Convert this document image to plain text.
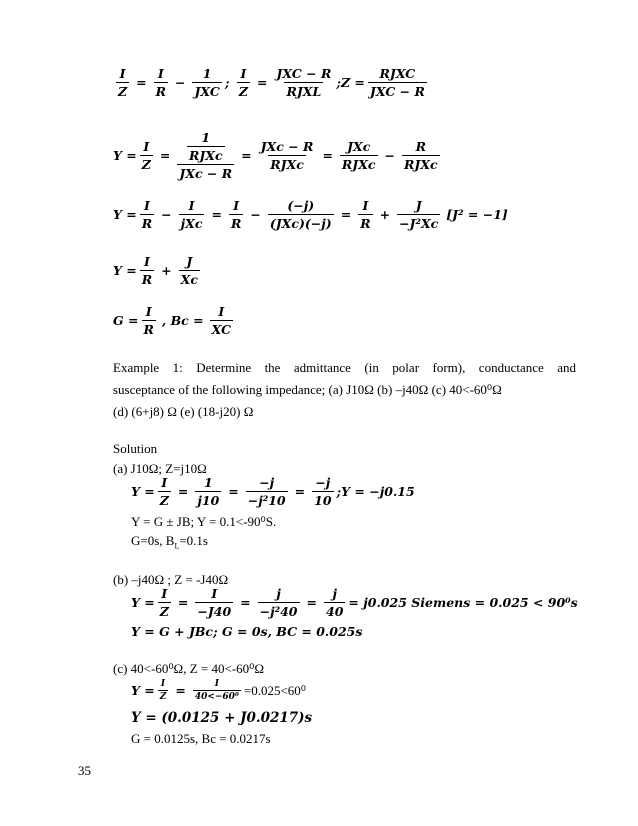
$\frac{I}{Z} = \frac{I}{R} - \frac{1}{\text{JXC}}$ ;
$\frac{I}{Z} = \frac{\text{JXC − R}}{\text{RJXL}}$ ;Z = $\frac{\text{RJXC}}{\text{JXC − R}}$
$Y = \frac{I}{Z} = \frac{\frac{1}{\text{RJXc}}}{\text{JXc − R}} = \frac{\text{JXc − R}}{\text{RJXc}} = \frac{\text{JXc}}{\text{RJXc}} - \frac{R}{\text{RJXc}}$
$Y = \frac{I}{R} - \frac{I}{\text{jXc}} = \frac{I}{R} - \frac{(-j)}{\text{(JXc)(−j)}} = \frac{I}{R} + \frac{J}{\text{−J²Xc}} [J^2 = -1]$
$Y = \frac{I}{R} + \frac{J}{Xc}$
$G = \frac{I}{R}$ , $Bc = \frac{I}{XC}$
Example 1: Determine the admittance (in polar form), conductance and
susceptance of the following impedance; (a) J10Ω (b) –j40Ω (c) 40<-60⁰Ω
(d) (6+j8) Ω (e) (18-j20) Ω
Solution
(a) J10Ω; Z=j10Ω
$Y = \frac{I}{Z} = \frac{1}{j10} = \frac{-j}{\text{−j²10}} = \frac{-j}{10}$ ;Y = −j0.15
Y = G ± JB; Y = 0.1<-90⁰S.
G=0s, $B_L=0.1s$
(b) –j40Ω ; Z = -J40Ω
$Y = \frac{I}{Z} = \frac{I}{-J40} = \frac{j}{\text{−j²40}} = \frac{j}{40} = j0.025$ Siemens = 0.025 < 90⁰s
Y = G + JBc; G = 0s, BC = 0.025s
(c) 40<-60⁰Ω, Z = 40<-60⁰Ω
$Y = \frac{I}{Z} = \frac{I}{\text{40<−60⁰}} =0.025<60^0$
Y = (0.0125 + J0.0217)s
G = 0.0125s, Bc = 0.0217s
35
